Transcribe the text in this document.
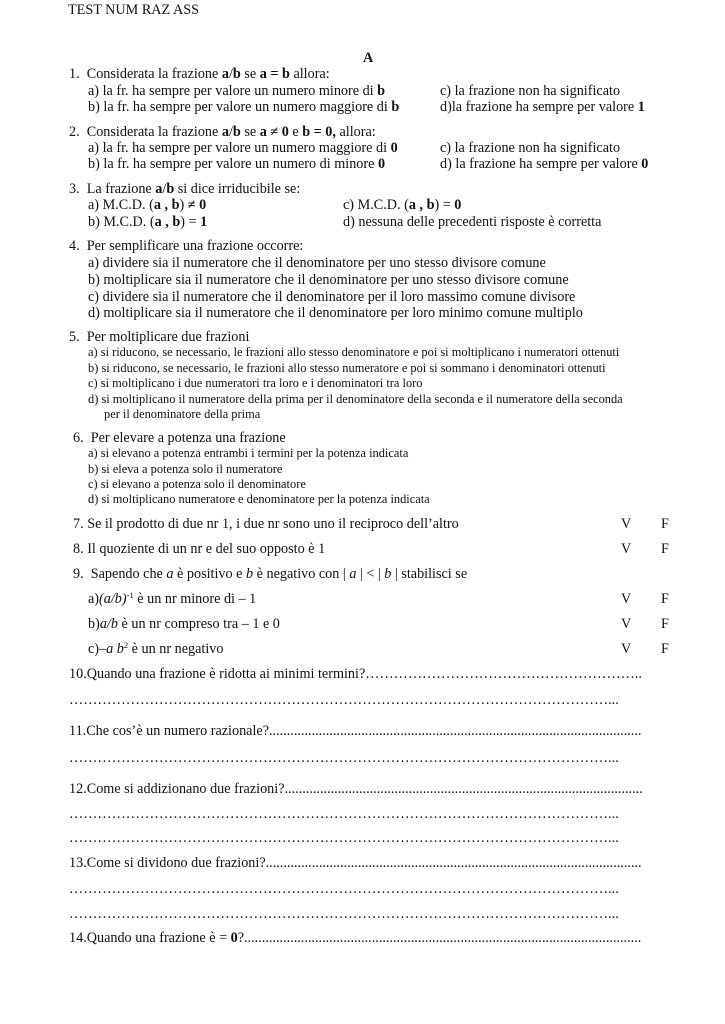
TEST NUM RAZ ASS
A
1. Considerata la frazione a/b se a = b allora:
a) la fr. ha sempre per valore un numero minore di b
b) la fr. ha sempre per valore un numero maggiore di b
c) la frazione non ha significato
d)la frazione ha sempre per valore 1
2. Considerata la frazione a/b se a ≠ 0 e b = 0, allora:
a) la fr. ha sempre per valore un numero maggiore di 0
b) la fr. ha sempre per valore un numero di minore 0
c) la frazione non ha significato
d) la frazione ha sempre per valore 0
3. La frazione a/b si dice irriducibile se:
a) M.C.D. (a , b) ≠ 0
b) M.C.D. (a , b) = 1
c) M.C.D. (a , b) = 0
d) nessuna delle precedenti risposte è corretta
4. Per semplificare una frazione occorre:
a) dividere sia il numeratore che il denominatore per uno stesso divisore comune
b) moltiplicare sia il numeratore che il denominatore per uno stesso divisore comune
c) dividere sia il numeratore che il denominatore per il loro massimo comune divisore
d) moltiplicare sia il numeratore che il denominatore per loro minimo comune multiplo
5. Per moltiplicare due frazioni
a) si riducono, se necessario, le frazioni allo stesso denominatore e poi si moltiplicano i numeratori ottenuti
b) si riducono, se necessario, le frazioni allo stesso numeratore e poi si sommano i denominatori ottenuti
c) si moltiplicano i due numeratori tra loro e i denominatori tra loro
d) si moltiplicano il numeratore della prima per il denominatore della seconda e il numeratore della seconda
per il denominatore della prima
6. Per elevare a potenza una frazione
a) si elevano a potenza entrambi i termini per la potenza indicata
b) si eleva a potenza solo il numeratore
c) si elevano a potenza solo il denominatore
d) si moltiplicano numeratore e denominatore per la potenza indicata
7. Se il prodotto di due nr 1, i due nr sono uno il reciproco dell’altro	V F
8. Il quoziente di un nr e del suo opposto è 1	V F
9. Sapendo che a è positivo e b è negativo con | a | < | b | stabilisci se
$a)(a/b)^{-1}$ è un nr minore di – 1	V F
b)a/b è un nr compreso tra – 1 e 0	V F
c)–a $b^2$ è un nr negativo	V F
10.Quando una frazione è ridotta ai minimi termini?…………………………………………………..
……………………………………………………………………………………………………...
11.Che cos’è un numero razionale?.........................................................................................................
……………………………………………………………………………………………………...
12.Come si addizionano due frazioni?.....................................................................................................
……………………………………………………………………………………………………...
……………………………………………………………………………………………………...
13.Come si dividono due frazioni?..........................................................................................................
……………………………………………………………………………………………………...
……………………………………………………………………………………………………...
14.Quando una frazione è = 0?................................................................................................................
